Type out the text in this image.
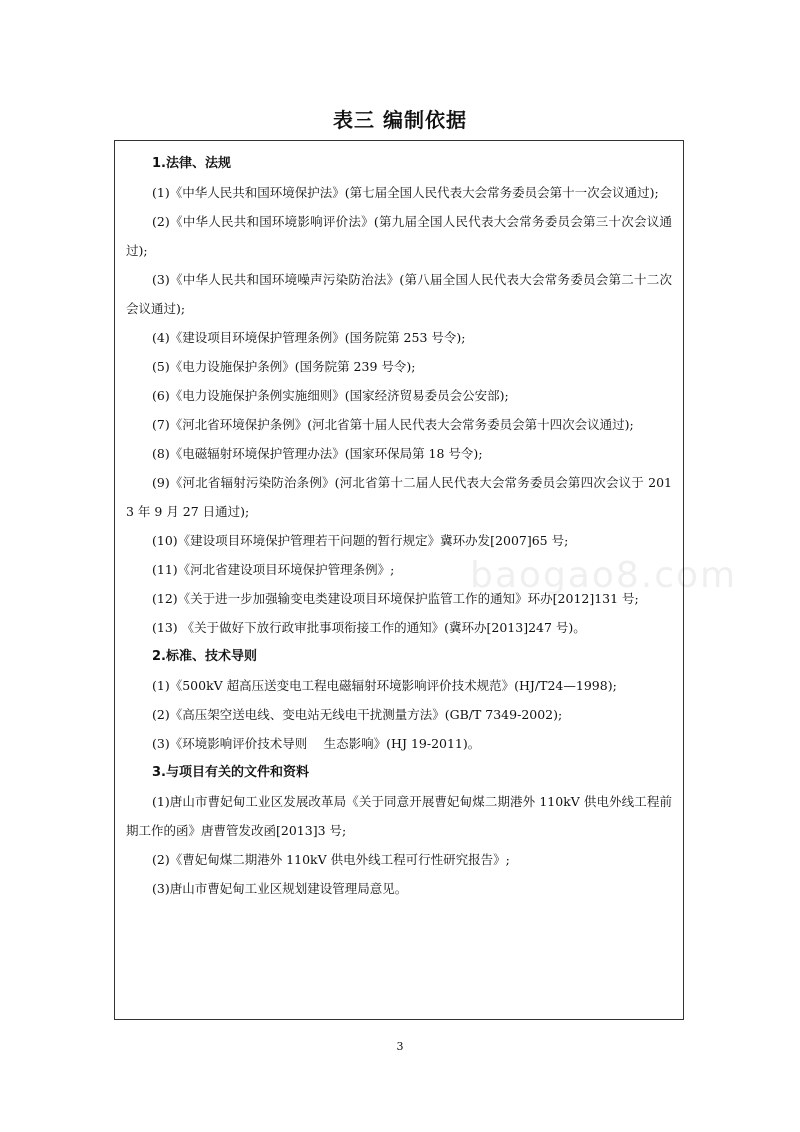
表三 编制依据
1.法律、法规
(1)《中华人民共和国环境保护法》(第七届全国人民代表大会常务委员会第十一次会议通过);
(2)《中华人民共和国环境影响评价法》(第九届全国人民代表大会常务委员会第三十次会议通过);
(3)《中华人民共和国环境噪声污染防治法》(第八届全国人民代表大会常务委员会第二十二次会议通过);
(4)《建设项目环境保护管理条例》(国务院第 253 号令);
(5)《电力设施保护条例》(国务院第 239 号令);
(6)《电力设施保护条例实施细则》(国家经济贸易委员会公安部);
(7)《河北省环境保护条例》(河北省第十届人民代表大会常务委员会第十四次会议通过);
(8)《电磁辐射环境保护管理办法》(国家环保局第 18 号令);
(9)《河北省辐射污染防治条例》(河北省第十二届人民代表大会常务委员会第四次会议于 2013 年 9 月 27 日通过);
(10)《建设项目环境保护管理若干问题的暂行规定》冀环办发[2007]65 号;
(11)《河北省建设项目环境保护管理条例》;
(12)《关于进一步加强输变电类建设项目环境保护监管工作的通知》环办[2012]131 号;
(13) 《关于做好下放行政审批事项衔接工作的通知》(冀环办[2013]247 号)。
2.标准、技术导则
(1)《500kV 超高压送变电工程电磁辐射环境影响评价技术规范》(HJ/T24—1998);
(2)《高压架空送电线、变电站无线电干扰测量方法》(GB/T 7349-2002);
(3)《环境影响评价技术导则　 生态影响》(HJ 19-2011)。
3.与项目有关的文件和资料
(1)唐山市曹妃甸工业区发展改革局《关于同意开展曹妃甸煤二期港外 110kV 供电外线工程前期工作的函》唐曹管发改函[2013]3 号;
(2)《曹妃甸煤二期港外 110kV 供电外线工程可行性研究报告》;
(3)唐山市曹妃甸工业区规划建设管理局意见。
baogao8.com
3
